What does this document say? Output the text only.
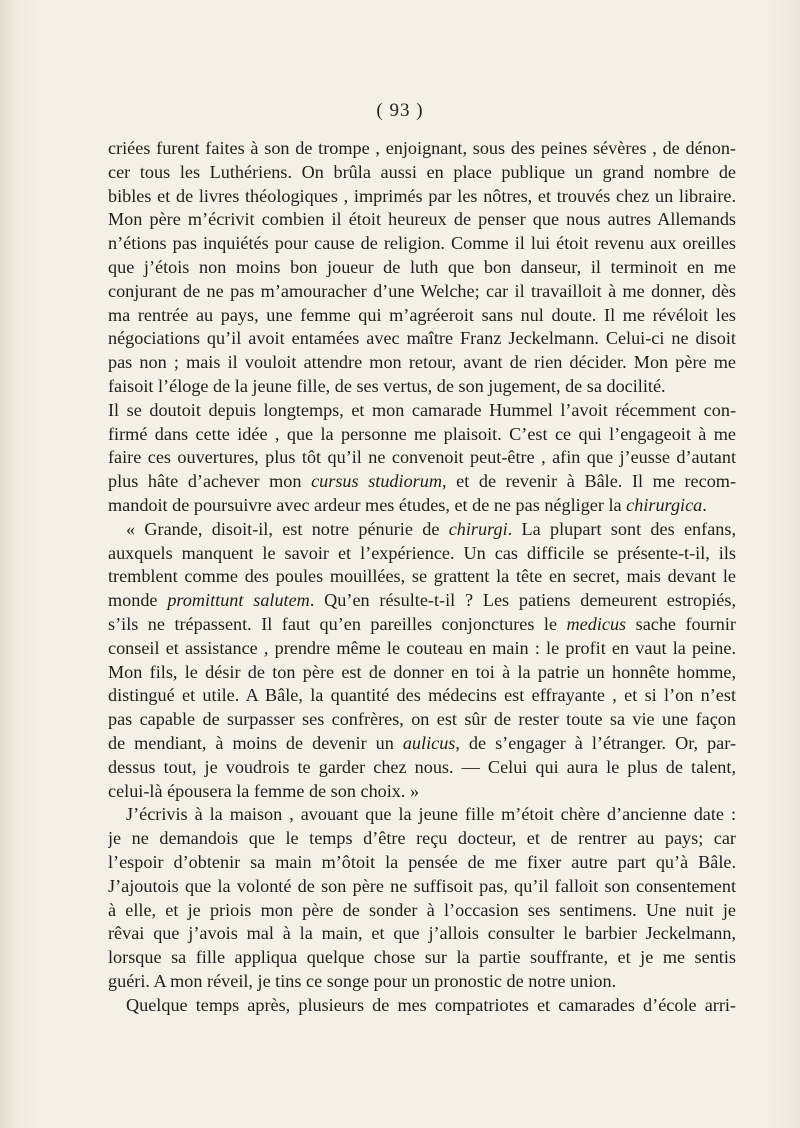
( 93 )
criées furent faites à son de trompe , enjoignant, sous des peines sévères , de dénon-
cer tous les Luthériens. On brûla aussi en place publique un grand nombre de
bibles et de livres théologiques , imprimés par les nôtres, et trouvés chez un libraire.
Mon père m’écrivit combien il étoit heureux de penser que nous autres Allemands
n’étions pas inquiétés pour cause de religion. Comme il lui étoit revenu aux oreilles
que j’étois non moins bon joueur de luth que bon danseur, il terminoit en me
conjurant de ne pas m’amouracher d’une Welche; car il travailloit à me donner, dès
ma rentrée au pays, une femme qui m’agréeroit sans nul doute. Il me révéloit les
négociations qu’il avoit entamées avec maître Franz Jeckelmann. Celui-ci ne disoit
pas non ; mais il vouloit attendre mon retour, avant de rien décider. Mon père me
faisoit l’éloge de la jeune fille, de ses vertus, de son jugement, de sa docilité.
Il se doutoit depuis longtemps, et mon camarade Hummel l’avoit récemment con-
firmé dans cette idée , que la personne me plaisoit. C’est ce qui l’engageoit à me
faire ces ouvertures, plus tôt qu’il ne convenoit peut-être , afin que j’eusse d’autant
plus hâte d’achever mon cursus studiorum, et de revenir à Bâle. Il me recom-
mandoit de poursuivre avec ardeur mes études, et de ne pas négliger la chirurgica.
« Grande, disoit-il, est notre pénurie de chirurgi. La plupart sont des enfans,
auxquels manquent le savoir et l’expérience. Un cas difficile se présente-t-il, ils
tremblent comme des poules mouillées, se grattent la tête en secret, mais devant le
monde promittunt salutem. Qu’en résulte-t-il ? Les patiens demeurent estropiés,
s’ils ne trépassent. Il faut qu’en pareilles conjonctures le medicus sache fournir
conseil et assistance , prendre même le couteau en main : le profit en vaut la peine.
Mon fils, le désir de ton père est de donner en toi à la patrie un honnête homme,
distingué et utile. A Bâle, la quantité des médecins est effrayante , et si l’on n’est
pas capable de surpasser ses confrères, on est sûr de rester toute sa vie une façon
de mendiant, à moins de devenir un aulicus, de s’engager à l’étranger. Or, par-
dessus tout, je voudrois te garder chez nous. — Celui qui aura le plus de talent,
celui-là épousera la femme de son choix. »
J’écrivis à la maison , avouant que la jeune fille m’étoit chère d’ancienne date :
je ne demandois que le temps d’être reçu docteur, et de rentrer au pays; car
l’espoir d’obtenir sa main m’ôtoit la pensée de me fixer autre part qu’à Bâle.
J’ajoutois que la volonté de son père ne suffisoit pas, qu’il falloit son consentement
à elle, et je priois mon père de sonder à l’occasion ses sentimens. Une nuit je
rêvai que j’avois mal à la main, et que j’allois consulter le barbier Jeckelmann,
lorsque sa fille appliqua quelque chose sur la partie souffrante, et je me sentis
guéri. A mon réveil, je tins ce songe pour un pronostic de notre union.
Quelque temps après, plusieurs de mes compatriotes et camarades d’école arri-
